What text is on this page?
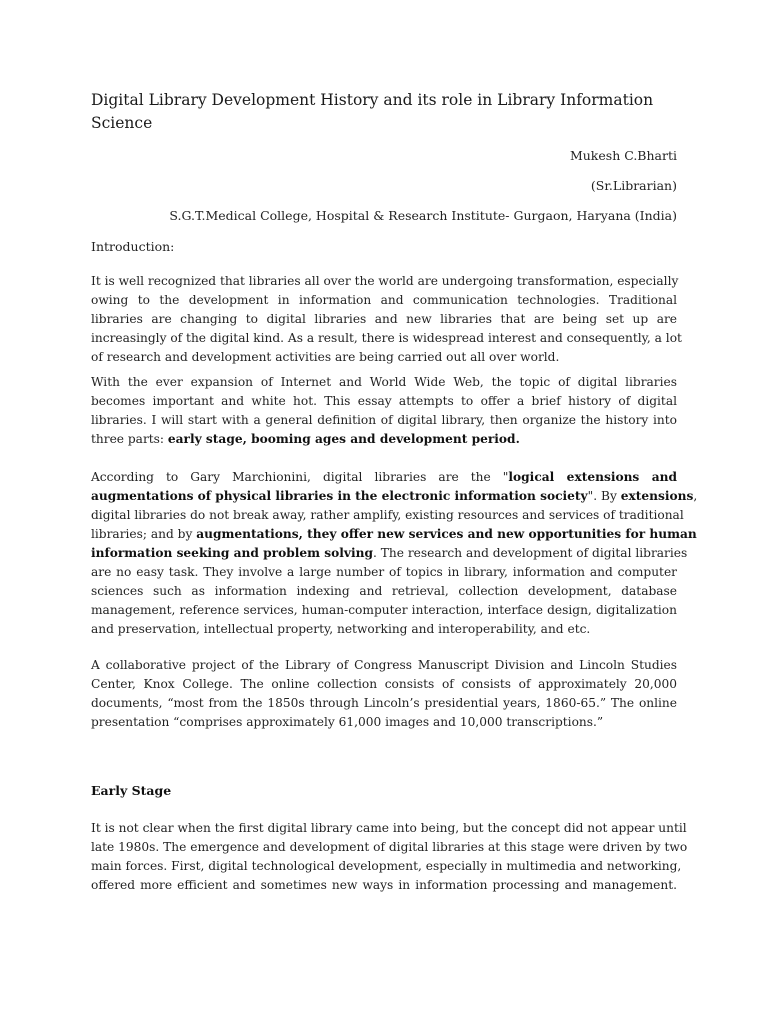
Digital Library Development History and its role in Library Information Science
Mukesh C.Bharti
(Sr.Librarian)
S.G.T.Medical College, Hospital & Research Institute- Gurgaon, Haryana (India)
Introduction:
It is well recognized that libraries all over the world are undergoing transformation, especially
owing to the development in information and communication technologies. Traditional
libraries are changing to digital libraries and new libraries that are being set up are
increasingly of the digital kind. As a result, there is widespread interest and consequently, a lot
of research and development activities are being carried out all over world.
With the ever expansion of Internet and World Wide Web, the topic of digital libraries
becomes important and white hot. This essay attempts to offer a brief history of digital
libraries. I will start with a general definition of digital library, then organize the history into
three parts: early stage, booming ages and development period.
According to Gary Marchionini, digital libraries are the "logical extensions and
augmentations of physical libraries in the electronic information society". By extensions,
digital libraries do not break away, rather amplify, existing resources and services of traditional
libraries; and by augmentations, they offer new services and new opportunities for human
information seeking and problem solving. The research and development of digital libraries
are no easy task. They involve a large number of topics in library, information and computer
sciences such as information indexing and retrieval, collection development, database
management, reference services, human-computer interaction, interface design, digitalization
and preservation, intellectual property, networking and interoperability, and etc.
A collaborative project of the Library of Congress Manuscript Division and Lincoln Studies
Center, Knox College. The online collection consists of consists of approximately 20,000
documents, “most from the 1850s through Lincoln’s presidential years, 1860-65.” The online
presentation “comprises approximately 61,000 images and 10,000 transcriptions.”
Early Stage
It is not clear when the first digital library came into being, but the concept did not appear until
late 1980s. The emergence and development of digital libraries at this stage were driven by two
main forces. First, digital technological development, especially in multimedia and networking,
offered more efficient and sometimes new ways in information processing and management.
